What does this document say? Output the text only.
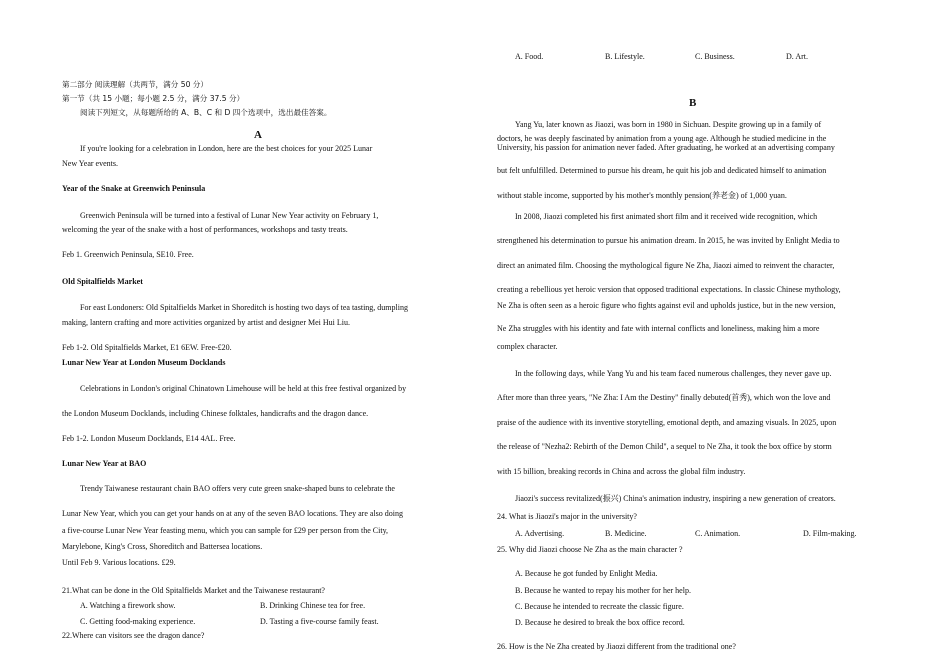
第二部分 阅读理解（共两节，满分 50 分）
第一节（共 15 小题；每小题 2.5 分，满分 37.5 分）
阅读下列短文，从每题所给的 A、B、C 和 D 四个选项中，选出最佳答案。
A
If you're looking for a celebration in London, here are the best choices for your 2025 Lunar
New Year events.
Year of the Snake at Greenwich Peninsula
Greenwich Peninsula will be turned into a festival of Lunar New Year activity on February 1,
welcoming the year of the snake with a host of performances, workshops and tasty treats.
Feb 1. Greenwich Peninsula, SE10. Free.
Old Spitalfields Market
For east Londoners: Old Spitalfields Market in Shoreditch is hosting two days of tea tasting, dumpling
making, lantern crafting and more activities organized by artist and designer Mei Hui Liu.
Feb 1-2. Old Spitalfields Market, E1 6EW. Free-£20.
Lunar New Year at London Museum Docklands
Celebrations in London's original Chinatown Limehouse will be held at this free festival organized by
the London Museum Docklands, including Chinese folktales, handicrafts and the dragon dance.
Feb 1-2. London Museum Docklands, E14 4AL. Free.
Lunar New Year at BAO
Trendy Taiwanese restaurant chain BAO offers very cute green snake-shaped buns to celebrate the
Lunar New Year, which you can get your hands on at any of the seven BAO locations. They are also doing
a five-course Lunar New Year feasting menu, which you can sample for £29 per person from the City,
Marylebone, King's Cross, Shoreditch and Battersea locations.
Until Feb 9. Various locations. £29.
21.What can be done in the Old Spitalfields Market and the Taiwanese restaurant?
A. Watching a firework show.	B. Drinking Chinese tea for free.
C. Getting food-making experience.	D. Tasting a five-course family feast.
22.Where can visitors see the dragon dance?
A. Food.	B. Lifestyle.	C. Business.	D. Art.
B
Yang Yu, later known as Jiaozi, was born in 1980 in Sichuan. Despite growing up in a family of
doctors, he was deeply fascinated by animation from a young age. Although he studied medicine in the
University, his passion for animation never faded. After graduating, he worked at an advertising company
but felt unfulfilled. Determined to pursue his dream, he quit his job and dedicated himself to animation
without stable income, supported by his mother's monthly pension(养老金) of 1,000 yuan.
In 2008, Jiaozi completed his first animated short film and it received wide recognition, which
strengthened his determination to pursue his animation dream. In 2015, he was invited by Enlight Media to
direct an animated film. Choosing the mythological figure Ne Zha, Jiaozi aimed to reinvent the character,
creating a rebellious yet heroic version that opposed traditional expectations. In classic Chinese mythology,
Ne Zha is often seen as a heroic figure who fights against evil and upholds justice, but in the new version,
Ne Zha struggles with his identity and fate with internal conflicts and loneliness, making him a more
complex character.
In the following days, while Yang Yu and his team faced numerous challenges, they never gave up.
After more than three years, "Ne Zha: I Am the Destiny" finally debuted(首秀), which won the love and
praise of the audience with its inventive storytelling, emotional depth, and amazing visuals. In 2025, upon
the release of "Nezha2: Rebirth of the Demon Child", a sequel to Ne Zha, it took the box office by storm
with 15 billion, breaking records in China and across the global film industry.
Jiaozi's success revitalized(振兴) China's animation industry, inspiring a new generation of creators.
24. What is Jiaozi's major in the university?
A. Advertising.	B. Medicine.	C. Animation.	D. Film-making.
25. Why did Jiaozi choose Ne Zha as the main character ?
A. Because he got funded by Enlight Media.
B. Because he wanted to repay his mother for her help.
C. Because he intended to recreate the classic figure.
D. Because he desired to break the box office record.
26. How is the Ne Zha created by Jiaozi different from the traditional one?
